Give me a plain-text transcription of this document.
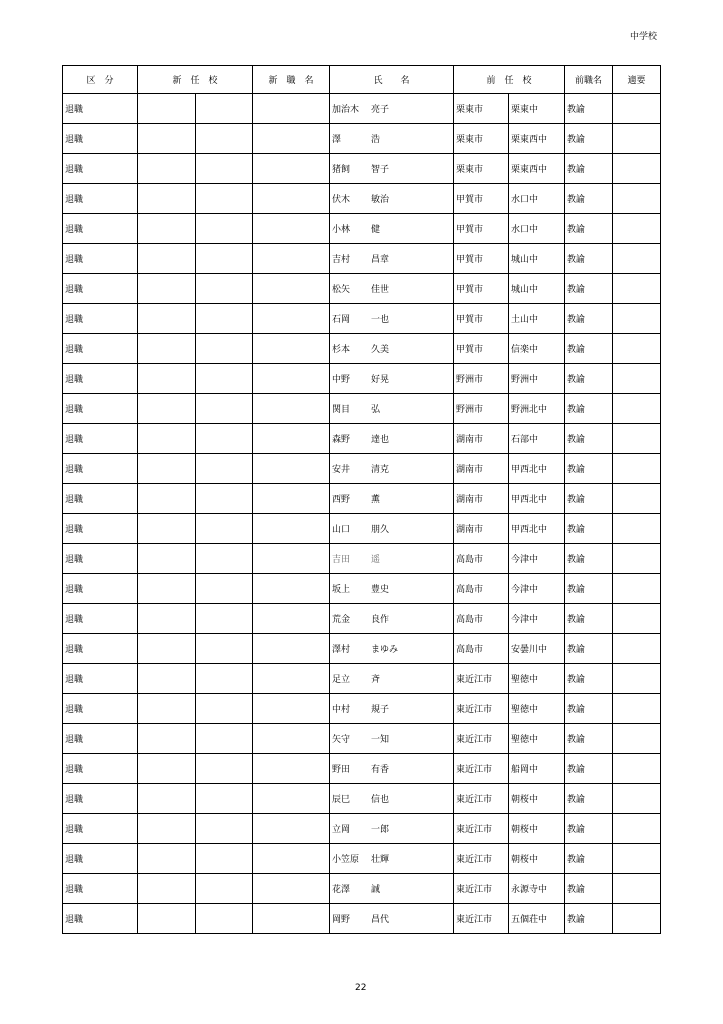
中学校
区　分	新　任　校		新　職　名	氏　　名	前　任　校		前職名	適要
退職				加治木　 亮子	栗東市	栗東中	教諭	
退職				澤　 浩	栗東市	栗東西中	教諭	
退職				猪飼　 智子	栗東市	栗東西中	教諭	
退職				伏木　 敏治	甲賀市	水口中	教諭	
退職				小林　 健	甲賀市	水口中	教諭	
退職				吉村　 昌章	甲賀市	城山中	教諭	
退職				松矢　 佳世	甲賀市	城山中	教諭	
退職				石岡　 一也	甲賀市	土山中	教諭	
退職				杉本　 久美	甲賀市	信楽中	教諭	
退職				中野　 好晃	野洲市	野洲中	教諭	
退職				関目　 弘	野洲市	野洲北中	教諭	
退職				森野　 達也	湖南市	石部中	教諭	
退職				安井　 清克	湖南市	甲西北中	教諭	
退職				西野　 薫	湖南市	甲西北中	教諭	
退職				山口　 朋久	湖南市	甲西北中	教諭	
退職				吉田　 遥	高島市	今津中	教諭	
退職				坂上　 豊史	高島市	今津中	教諭	
退職				荒金　 良作	高島市	今津中	教諭	
退職				澤村　 まゆみ	高島市	安曇川中	教諭	
退職				足立　 斉	東近江市	聖徳中	教諭	
退職				中村　 規子	東近江市	聖徳中	教諭	
退職				矢守　 一知	東近江市	聖徳中	教諭	
退職				野田　 有香	東近江市	船岡中	教諭	
退職				辰巳　 信也	東近江市	朝桜中	教諭	
退職				立岡　 一郎	東近江市	朝桜中	教諭	
退職				小笠原　 壮輝	東近江市	朝桜中	教諭	
退職				花澤　 誠	東近江市	永源寺中	教諭	
退職				岡野　 昌代	東近江市	五個荘中	教諭	
22
